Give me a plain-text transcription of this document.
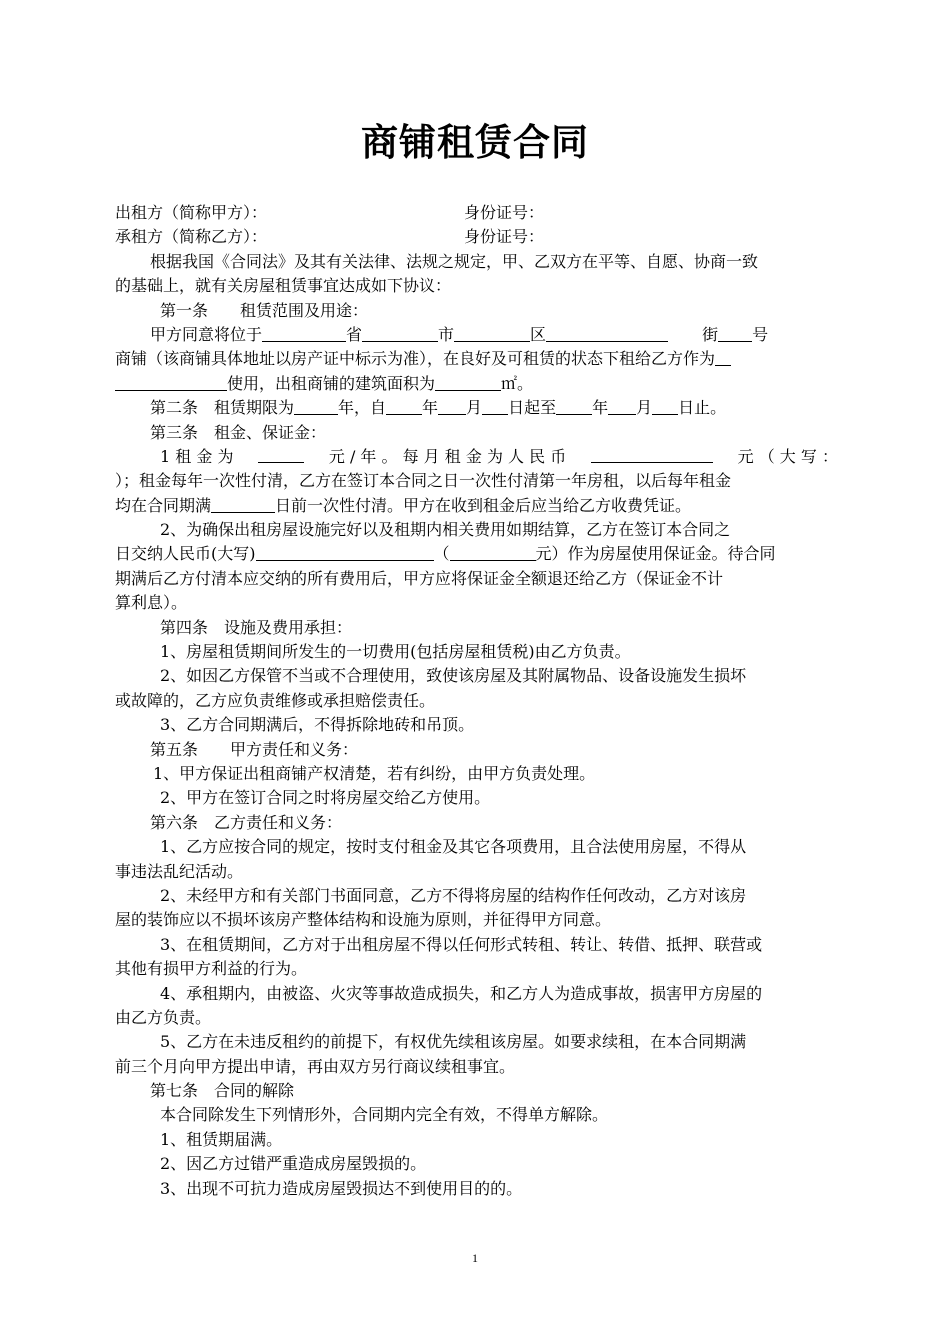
商铺租赁合同
出租方（简称甲方）：	身份证号：
承租方（简称乙方）：	身份证号：
根据我国《合同法》及其有关法律、法规之规定，甲、乙双方在平等、自愿、协商一致
的基础上，就有关房屋租赁事宜达成如下协议：
第一条　　租赁范围及用途：
甲方同意将位于	省	市	区	街 号
商铺（该商铺具体地址以房产证中标示为准），在良好及可租赁的状态下租给乙方作为
使用，出租商铺的建筑面积为	㎡。
第二条　租赁期限为	年，自 年 月 日起至 年 月 日止。
第三条　租金、保证金：
1 租 金 为	元 / 年 。 每 月 租 金 为 人 民 币	元 （ 大 写 ：
）；租金每年一次性付清，乙方在签订本合同之日一次性付清第一年房租，以后每年租金
均在合同期满	日前一次性付清。甲方在收到租金后应当给乙方收费凭证。
2、为确保出租房屋设施完好以及租期内相关费用如期结算，乙方在签订本合同之
日交纳人民币(大写)	（	元）作为房屋使用保证金。待合同
期满后乙方付清本应交纳的所有费用后，甲方应将保证金全额退还给乙方（保证金不计
算利息）。
第四条　设施及费用承担：
1、房屋租赁期间所发生的一切费用(包括房屋租赁税)由乙方负责。
2、如因乙方保管不当或不合理使用，致使该房屋及其附属物品、设备设施发生损坏
或故障的，乙方应负责维修或承担赔偿责任。
3、乙方合同期满后，不得拆除地砖和吊顶。
第五条　　甲方责任和义务：
1、甲方保证出租商铺产权清楚，若有纠纷，由甲方负责处理。
2、甲方在签订合同之时将房屋交给乙方使用。
第六条　乙方责任和义务：
1、乙方应按合同的规定，按时支付租金及其它各项费用，且合法使用房屋，不得从
事违法乱纪活动。
2、未经甲方和有关部门书面同意，乙方不得将房屋的结构作任何改动，乙方对该房
屋的装饰应以不损坏该房产整体结构和设施为原则，并征得甲方同意。
3、在租赁期间，乙方对于出租房屋不得以任何形式转租、转让、转借、抵押、联营或
其他有损甲方利益的行为。
4、承租期内，由被盗、火灾等事故造成损失，和乙方人为造成事故，损害甲方房屋的
由乙方负责。
5、乙方在未违反租约的前提下，有权优先续租该房屋。如要求续租，在本合同期满
前三个月向甲方提出申请，再由双方另行商议续租事宜。
第七条　合同的解除
本合同除发生下列情形外，合同期内完全有效，不得单方解除。
1、租赁期届满。
2、因乙方过错严重造成房屋毁损的。
3、出现不可抗力造成房屋毁损达不到使用目的的。
1
